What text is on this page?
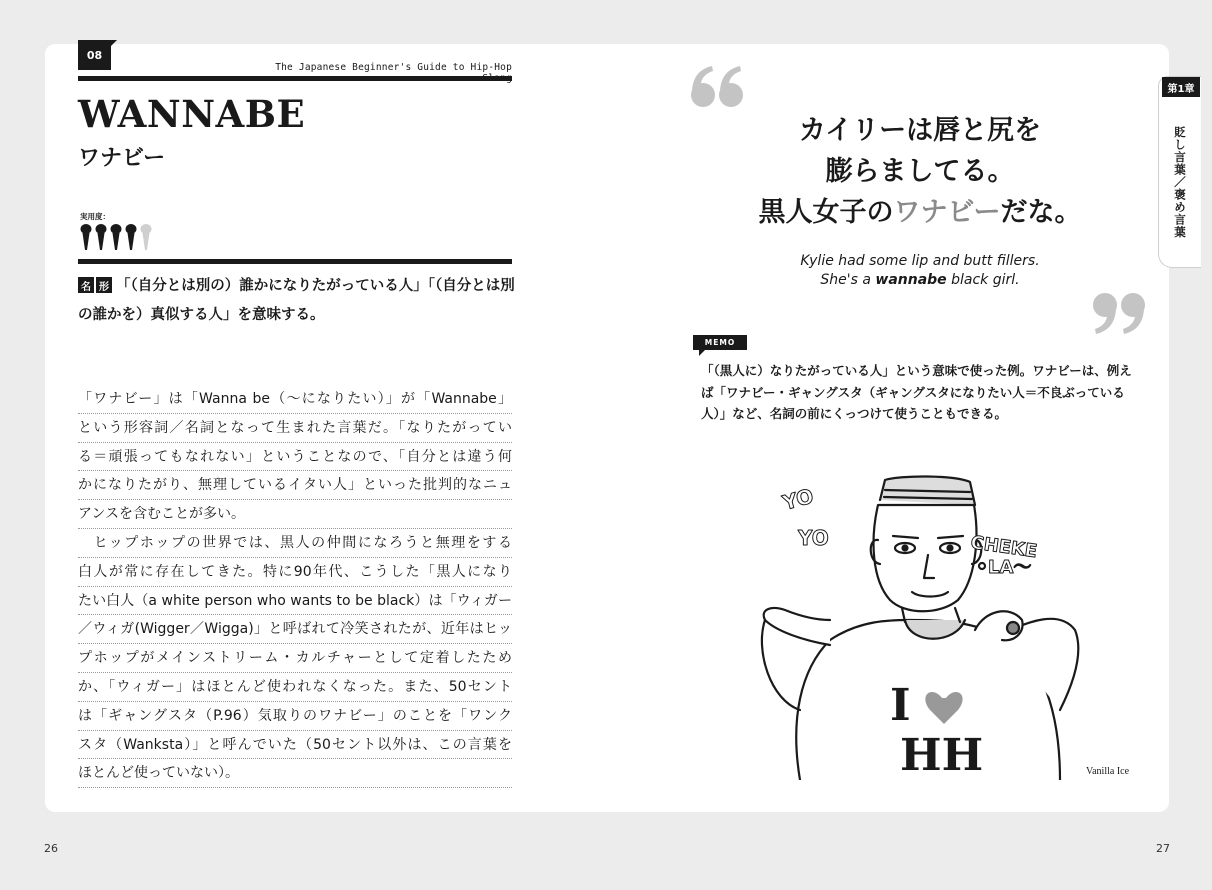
08
The Japanese Beginner's Guide to Hip-Hop
WANNABE
ワナビー
実用度：
名 形 「（自分とは別の）誰かになりたがっている人」「（自分とは別の誰かを）真似する人」を意味する。

「ワナビー」は「Wanna be（〜になりたい）」が「Wannabe」
という形容詞／名詞となって生まれた言葉だ。「なりたがってい
る＝頑張ってもなれない」ということなので、「自分とは違う何
かになりたがり、無理しているイタい人」といった批判的なニュ
アンスを含むことが多い。
　ヒップホップの世界では、黒人の仲間になろうと無理をする
白人が常に存在してきた。特に90年代、こうした「黒人になり
たい白人（a white person who wants to be black）は「ウィガー
／ウィガ(Wigger／Wigga)」と呼ばれて冷笑されたが、近年はヒッ
プホップがメインストリーム・カルチャーとして定着したため
か、「ウィガー」はほとんど使われなくなった。また、50セント
は「ギャングスタ（P.96）気取りのワナビー」のことを「ワンク
スタ（Wanksta）」と呼んでいた（50セント以外は、この言葉を
ほとんど使っていない）。
26
カイリーは唇と尻を
膨らましてる。
黒人女子のワナビーだな。
Kylie had some lip and butt fillers.
She's a wannabe black girl.
MEMO

「（黒人に）なりたがっている人」という意味で使った例。ワナビーは、例えば「ワナビー・ギャングスタ（ギャングスタになりたい人＝不良ぶっている人）」など、名詞の前にくっつけて使うこともできる。

第1章
貶し言葉／褒め言葉
YO
YO	CHEKE
LA〜
I
HH	Vanilla Ice
27
